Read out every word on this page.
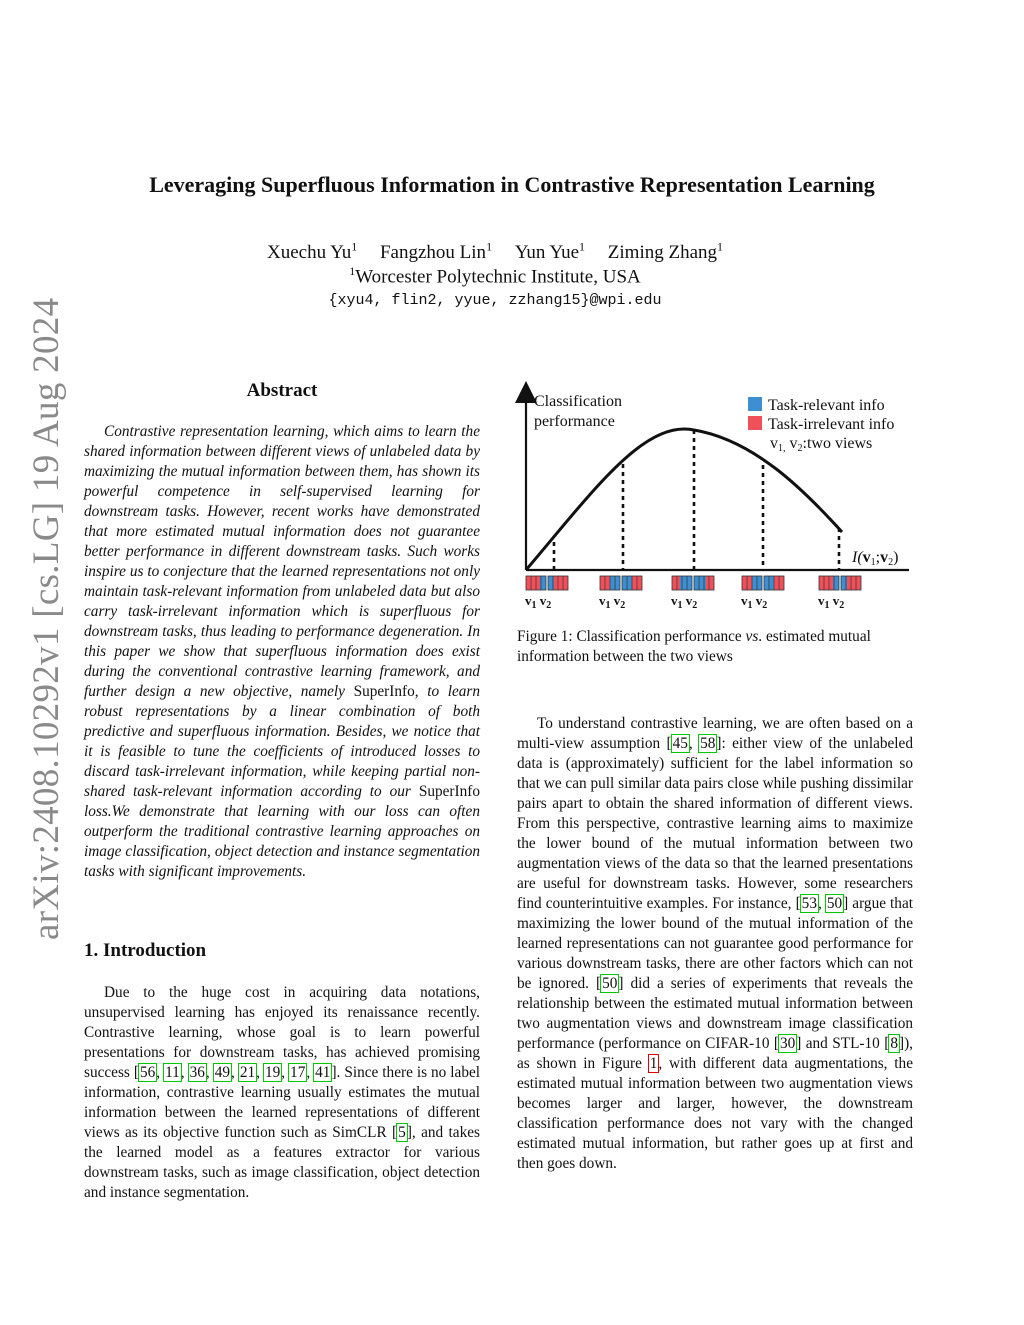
arXiv:2408.10292v1 [cs.LG] 19 Aug 2024
Leveraging Superfluous Information in Contrastive Representation Learning
Xuechu Yu$^1$ Fangzhou Lin$^1$ Yun Yue$^1$ Ziming Zhang$^1$
$^1$Worcester Polytechnic Institute, USA
{xyu4, flin2, yyue, zzhang15}@wpi.edu
Abstract
Contrastive representation learning, which aims to learn the shared information between different views of unlabeled data by maximizing the mutual information between them, has shown its powerful competence in self-supervised learning for downstream tasks. However, recent works have demonstrated that more estimated mutual information does not guarantee better performance in different downstream tasks. Such works inspire us to conjecture that the learned representations not only maintain task-relevant information from unlabeled data but also carry task-irrelevant information which is superfluous for downstream tasks, thus leading to performance degeneration. In this paper we show that superfluous information does exist during the conventional contrastive learning framework, and further design a new objective, namely SuperInfo, to learn robust representations by a linear combination of both predictive and superfluous information. Besides, we notice that it is feasible to tune the coefficients of introduced losses to discard task-irrelevant information, while keeping partial non-shared task-relevant information according to our SuperInfo loss.We demonstrate that learning with our loss can often outperform the traditional contrastive learning approaches on image classification, object detection and instance segmentation tasks with significant improvements.
1. Introduction
Due to the huge cost in acquiring data notations, unsupervised learning has enjoyed its renaissance recently. Contrastive learning, whose goal is to learn powerful presentations for downstream tasks, has achieved promising success [56, 11, 36, 49, 21, 19, 17, 41]. Since there is no label information, contrastive learning usually estimates the mutual information between the learned representations of different views as its objective function such as SimCLR [5], and takes the learned model as a features extractor for various downstream tasks, such as image classification, object detection and instance segmentation.
Classification
performance
I(v1;v2)
Task-relevant info
Task-irrelevant info
v1, v2:two views
$v_1$ $v_2$	$v_1$ $v_2$	$v_1$ $v_2$	$v_1$ $v_2$	$v_1$ $v_2$
Figure 1: Classification performance vs. estimated mutual information between the two views
To understand contrastive learning, we are often based on a multi-view assumption [45, 58]: either view of the unlabeled data is (approximately) sufficient for the label information so that we can pull similar data pairs close while pushing dissimilar pairs apart to obtain the shared information of different views. From this perspective, contrastive learning aims to maximize the lower bound of the mutual information between two augmentation views of the data so that the learned presentations are useful for downstream tasks. However, some researchers find counterintuitive examples. For instance, [53, 50] argue that maximizing the lower bound of the mutual information of the learned representations can not guarantee good performance for various downstream tasks, there are other factors which can not be ignored. [50] did a series of experiments that reveals the relationship between the estimated mutual information between two augmentation views and downstream image classification performance (performance on CIFAR-10 [30] and STL-10 [8]), as shown in Figure 1, with different data augmentations, the estimated mutual information between two augmentation views becomes larger and larger, however, the downstream classification performance does not vary with the changed estimated mutual information, but rather goes up at first and then goes down.
